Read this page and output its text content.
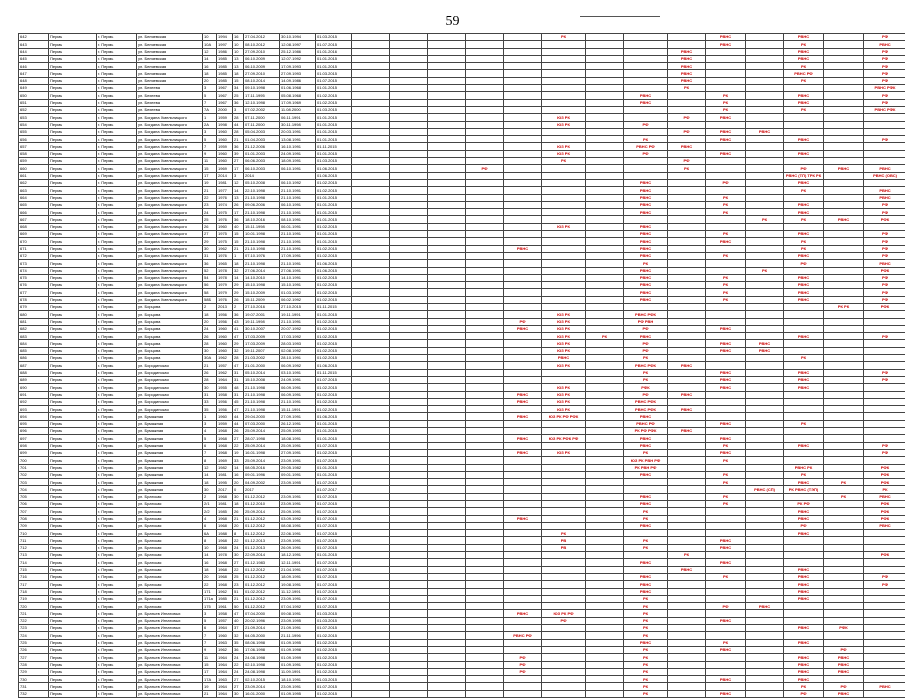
59
642	Пермь	г. Пермь	ул. Беляевская	10	1994	16	27.04.2012	30.10.1994	01.03.2015						РК				РВНС		РВНС		РФ
643	Пермь	г. Пермь	ул. Беляевская	10А	1997	10	08.10.2012	12.08.1997	01.07.2015										РВНС		РК		РВНС
644	Пермь	г. Пермь	ул. Беляевская	12	1986	10	27.09.2010	25.12.1986	01.01.2016									РВНС			РВНС		РФ
645	Пермь	г. Пермь	ул. Беляевская	14	1985	13	06.10.2009	12.07.1992	01.01.2015									РВНС			РВНС		РФ
646	Пермь	г. Пермь	ул. Беляевская	16	1985	13	06.10.2009	17.09.1993	01.01.2015									РВНС			РК		РФ
647	Пермь	г. Пермь	ул. Беляевская	18	1985	18	27.09.2010	27.09.1993	01.03.2015									РВНС			РВНС РФ		РФ
648	Пермь	г. Пермь	ул. Беляевская	20	1985	15	08.10.2014	14.09.1986	01.07.2015									РВНС			РК		РФ
649	Пермь	г. Пермь	ул. Бехеева	3	1967	34	09.10.1998	01.06.1968	01.01.2015									РК					РВНС РФК
650	Пермь	г. Пермь	ул. Бехеева	5	1967	25	17.11.1995	05.08.1968	01.02.2015								РВНС		РК		РВНС		РФ
651	Пермь	г. Пермь	ул. Бехеева	7	1967	36	12.10.1998	17.09.1969	01.02.2015								РВНС		РК		РВНС		РФ
652	Пермь	г. Пермь	ул. Бехеева	7А	2000	3	07.02.2002	11.08.2000	01.03.2015										РК		РК		РВНС РФК
653	Пермь	г. Пермь	ул. Богдана Хмельницкого	1	1959	28	07.11.2000	06.11.1991	01.01.2015						ЮЗ РК			РФ	РВНС				
654	Пермь	г. Пермь	ул. Богдана Хмельницкого	2А	1998	44	07.11.2000	30.11.1998	01.01.2015						ЮЗ РК		РФ						
655	Пермь	г. Пермь	ул. Богдана Хмельницкого	3	1960	28	05.04.2003	20.03.1991	01.01.2015									РФ	РВНС	РВНС			
656	Пермь	г. Пермь	ул. Богдана Хмельницкого	5	1960	21	01.04.2003	13.08.1991	01.01.2015								РК		РВНС		РВНС		РФ
657	Пермь	г. Пермь	ул. Богдана Хмельницкого	7	1959	36	21.12.2006	16.10.1991	01.11.2015						ЮЗ РК		РВНС РФ	РВНС					
658	Пермь	г. Пермь	ул. Богдана Хмельницкого	9	1960	39	01.01.2003	24.09.1991	01.01.2015						ЮЗ РК		РФ		РВНС		РВНС		
659	Пермь	г. Пермь	ул. Богдана Хмельницкого	11	1960	27	06.06.2003	18.09.1991	01.03.2015						РК			РФ					
660	Пермь	г. Пермь	ул. Богдана Хмельницкого	15	1969	17	06.10.2003	06.10.1991	01.06.2015				РФ					РК			РФ	РВНС	РВНС
661	Пермь	г. Пермь	ул. Богдана Хмельницкого	17	2014	3	2014		01.06.2015												РВНС (ТП) ТРК РК		РВНС (ОВС)
662	Пермь	г. Пермь	ул. Богдана Хмельницкого	19	1981	12	05.10.2008	06.10.1992	01.02.2015								РВНС		РФ		РВНС		
663	Пермь	г. Пермь	ул. Богдана Хмельницкого	21	1977	14	22.10.1998	21.10.1991	01.02.2015								РВНС				РК		РВНС
664	Пермь	г. Пермь	ул. Богдана Хмельницкого	22	1976	13	21.10.1998	21.10.1991	01.01.2015								РВНС		РК				РВНС
665	Пермь	г. Пермь	ул. Богдана Хмельницкого	23	1974	26	09.06.2006	06.10.1991	01.01.2015								РВНС		РК		РВНС		РФ
666	Пермь	г. Пермь	ул. Богдана Хмельницкого	24	1975	17	21.10.1998	21.10.1991	01.01.2015								РВНС		РК		РВНС		РФ
667	Пермь	г. Пермь	ул. Богдана Хмельницкого	25	1976	36	18.10.2016	08.10.1991	01.01.2015											РК	РК	РВНС	РФК
668	Пермь	г. Пермь	ул. Богдана Хмельницкого	26	1960	40	15.11.1998	06.01.1991	01.02.2015						ЮЗ РК		РВНС						
669	Пермь	г. Пермь	ул. Богдана Хмельницкого	27	1975	15	10.01.1998	21.10.1991	01.01.2015								РВНС		РК		РВНС		РФ
670	Пермь	г. Пермь	ул. Богдана Хмельницкого	29	1975	15	21.10.1998	21.10.1991	01.01.2015								РВНС		РВНС		РК		РФ
671	Пермь	г. Пермь	ул. Богдана Хмельницкого	30	1962	21	21.10.1998	21.10.1991	01.02.2015					РВНС			РВНС				РК		РФ
672	Пермь	г. Пермь	ул. Богдана Хмельницкого	31	1976	1	07.10.1976	17.09.1991	01.02.2015								РВНС		РК		РВНС		РФ
673	Пермь	г. Пермь	ул. Богдана Хмельницкого	36	1965	18	21.10.1998	21.10.1991	01.06.2015								РК				РФ		РВНС
674	Пермь	г. Пермь	ул. Богдана Хмельницкого	52	1978	32	27.06.2014	27.06.1991	01.06.2015								РВНС			РК			РФК
675	Пермь	г. Пермь	ул. Богдана Хмельницкого	54	1978	14	14.10.2010	14.10.1991	01.02.2015								РВНС		РК		РВНС		РФ
676	Пермь	г. Пермь	ул. Богдана Хмельницкого	56	1979	29	15.10.1998	15.10.1991	01.02.2015								РВНС		РК		РВНС		РФ
677	Пермь	г. Пермь	ул. Богдана Хмельницкого	58	1979	29	15.10.2009	01.03.1992	01.02.2015								РВНС		РК		РВНС		РФ
678	Пермь	г. Пермь	ул. Богдана Хмельницкого	58Б	1976	26	15.11.2009	06.02.1992	01.02.2015								РВНС		РК		РВНС		РФ
679	Пермь	г. Пермь	ул. Борцова	2	2013	2	27.10.2016	27.10.2015	01.11.2015													РК РК	РФК
680	Пермь	г. Пермь	ул. Борцова	18	1956	36	19.07.2001	19.11.1991	01.01.2015						ЮЗ РК		РВНС РФК						
681	Пермь	г. Пермь	ул. Борцова	20	1956	43	19.11.1998	21.10.1991	01.02.2015					РФ	ЮЗ РК		РФ РВН						
682	Пермь	г. Пермь	ул. Борцова	24	1960	41	30.10.2007	20.07.1992	01.02.2015					РВНС	ЮЗ РК		РФ		РВНС				
683	Пермь	г. Пермь	ул. Борцова	26	1960	47	17.03.2009	17.03.1992	01.02.2015						ЮЗ РК	РК	РВНС				РВНС		РФ
684	Пермь	г. Пермь	ул. Борцова	28	1960	29	17.03.2009	28.03.1993	01.02.2015						ЮЗ РК		РФ		РВНС	РВНС			
685	Пермь	г. Пермь	ул. Борцова	30	1960	32	19.11.2007	02.08.1992	01.02.2015						ЮЗ РК		РФ		РВНС	РВНС			
686	Пермь	г. Пермь	ул. Борцова	30А	1962	28	21.03.2002	28.10.1991	01.02.2015						РВНС		РК				РК		
687	Пермь	г. Пермь	ул. Бородинская	21	1957	47	21.01.2000	06.09.1992	01.06.2015						ЮЗ РК		РВНС РФК	РВНС					
688	Пермь	г. Пермь	ул. Бородинская	26	1962	31	05.10.2014	03.10.1991	01.11.2015								РК		РВНС		РВНС		РФ
689	Пермь	г. Пермь	ул. Бородинская	28	1964	31	15.10.2008	24.09.1991	01.07.2015								РК		РВНС		РВНС		РФ
690	Пермь	г. Пермь	ул. Бородинская	30	1955	48	21.10.1998	06.09.1991	01.02.2015						ЮЗ РК		РФК		РВНС		РВНС		
691	Пермь	г. Пермь	ул. Бородинская	31	1958	31	21.10.1998	06.09.1991	01.02.2015					РВНС	ЮЗ РК		РФ	РВНС					
692	Пермь	г. Пермь	ул. Бородинская	33	1956	45	21.10.1998	21.10.1991	01.02.2015					РВНС	ЮЗ РК		РВНС РФК						
693	Пермь	г. Пермь	ул. Бородинская	35	1956	47	21.10.1998	15.11.1991	01.02.2015						ЮЗ РК		РВНС РФК	РВНС					
694	Пермь	г. Пермь	ул. Бумажная	1	1960	44	29.04.2000	27.09.1991	01.06.2015					РВНС	ЮЗ РК РФ РФК		РВНС						
695	Пермь	г. Пермь	ул. Бумажная	3	1959	44	07.03.2000	26.12.1991	01.01.2015								РВНС РФ		РВНС		РК		
696	Пермь	г. Пермь	ул. Бумажная	4	1968	26	25.09.2014	25.09.1993	01.01.2015								РК РФ РФК	РВНС					
697	Пермь	г. Пермь	ул. Бумажная	5	1968	27	28.07.1998	18.08.1991	01.01.2015					РВНС	ЮЗ РК РФК РФ		РВНС		РВНС				
698	Пермь	г. Пермь	ул. Бумажная	6	1968	22	25.09.2014	25.09.1991	01.07.2015								РВНС		РК		РВНС		РФ
699	Пермь	г. Пермь	ул. Бумажная	7	1968	19	16.01.1998	27.09.1991	01.02.2015					РВНС	ЮЗ РК		РК		РВНС				РФ
700	Пермь	г. Пермь	ул. Бумажная	8	1969	33	25.09.2014	23.09.1991	01.07.2015								ЮЗ РК РВН РФ		РК				
701	Пермь	г. Пермь	ул. Бумажная	12	1982	14	08.05.2016	29.05.1982	01.01.2015								РК РВН РФ				РВНС РК		РФК
702	Пермь	г. Пермь	ул. Бумажная	14	1981	16	09.01.1996	09.01.1991	01.01.2015								РВНС		РК		РК		РФК
703	Пермь	г. Пермь	ул. Бумажная	18	1995	20	04.09.2002	23.09.1995	01.07.2015										РК		РВНС	РК	РФК
704	Пермь	г. Пермь	ул. Бумажная	30	2017	0	2017		01.07.2017											РВНС (СП)	РК РВНС (ТЭП)		РК
705	Пермь	г. Пермь	ул. Братская	2	1968	30	01.12.2012	23.09.1991	01.07.2015								РВНС		РК			РК	РВНС
706	Пермь	г. Пермь	ул. Братская	2/1	1981	18	01.12.2010	23.09.1991	01.07.2015								РВНС		РК		РК РФ		РФК
707	Пермь	г. Пермь	ул. Братская	2/2	1985	26	25.09.2014	25.09.1991	01.07.2015								РК				РВНС		РФК
708	Пермь	г. Пермь	ул. Братская	4	1968	21	01.12.2012	03.09.1992	01.07.2015					РВНС			РК				РВНС		РФК
709	Пермь	г. Пермь	ул. Братская	6	1968	20	01.12.2012	08.08.1991	01.07.2015								РВНС				РФ		РВНС
710	Пермь	г. Пермь	ул. Братская	6А	1988	8	01.12.2012	22.06.1991	01.07.2015						РК						РВНС		
711	Пермь	г. Пермь	ул. Братская	8	1968	22	01.12.2013	23.09.1991	01.07.2015						РВ		РК		РВНС				
712	Пермь	г. Пермь	ул. Братская	10	1968	24	01.12.2013	26.09.1991	01.07.2015						РВ		РК		РВНС				
713	Пермь	г. Пермь	ул. Братская	14	1978	30	22.09.2014	18.12.1991	01.01.2015									РК					РФК
714	Пермь	г. Пермь	ул. Братская	16	1968	27	01.12.1983	12.11.1991	01.07.2015								РВНС		РВНС				
715	Пермь	г. Пермь	ул. Братская	18	1968	22	01.12.2012	21.04.1991	01.07.2015									РВНС			РВНС		
716	Пермь	г. Пермь	ул. Братская	20	1968	25	01.12.2012	18.09.1991	01.07.2015								РВНС		РК		РВНС		РФ
717	Пермь	г. Пермь	ул. Братская	22	1968	23	01.12.2012	19.08.1991	01.07.2015								РВНС				РВНС		РФ
718	Пермь	г. Пермь	ул. Братская	171	1962	51	01.02.2012	11.12.1991	01.07.2015								РВНС				РВНС		
719	Пермь	г. Пермь	ул. Братская	171а	1985	21	01.12.2012	23.09.1991	01.07.2015								РК				РВНС		
720	Пермь	г. Пермь	ул. Братская	175	1961	50	01.12.2012	07.04.1992	01.07.2015								РК		РФ	РВНС			
721	Пермь	г. Пермь	ул. Братьев Игнатовых	3	1958	47	07.04.2000	09.08.1991	01.03.2015					РВНС	ЮЗ РК РФ		РК						
722	Пермь	г. Пермь	ул. Братьев Игнатовых	5	1957	40	20.02.1996	23.09.1995	01.03.2015						РФ		РК		РВНС				
723	Пермь	г. Пермь	ул. Братьев Игнатовых	6	1964	37	21.09.2014	21.09.1991	01.07.2015								РК				РВНС	РФК	
724	Пермь	г. Пермь	ул. Братьев Игнатовых	7	1960	32	04.05.2000	21.11.1996	01.02.2015					РВНС РФ			РК						
725	Пермь	г. Пермь	ул. Братьев Игнатовых	7	1963	35	08.06.1998	01.09.1995	01.02.2015								РВНС		РК		РВНС		
726	Пермь	г. Пермь	ул. Братьев Игнатовых	9	1962	36	17.06.1998	01.09.1998	01.02.2015								РК		РВНС			РФ	
727	Пермь	г. Пермь	ул. Братьев Игнатовых	11	1964	24	24.08.1998	01.09.1999	01.02.2015					РФ			РК				РВНС	РВНС	
728	Пермь	г. Пермь	ул. Братьев Игнатовых	15	1964	22	02.10.1998	01.09.1991	01.02.2015					РФ			РК				РВНС	РВНС	
729	Пермь	г. Пермь	ул. Братьев Игнатовых	17	1964	24	24.08.1998	11.09.1991	01.02.2015					РФ			РК				РВНС	РВНС	
730	Пермь	г. Пермь	ул. Братьев Игнатовых	17А	1963	27	02.10.2015	18.10.1991	01.03.2015								РК		РВНС		РВНС		
731	Пермь	г. Пермь	ул. Братьев Игнатовых	19	1964	27	23.09.2014	23.09.1991	01.07.2015								РК				РК	РФ	РВНС
732	Пермь	г. Пермь	ул. Братьев Игнатовых	21	1964	30	16.01.2000	01.09.1995	01.02.2015								РК		РВНС		РФ	РВНС	
